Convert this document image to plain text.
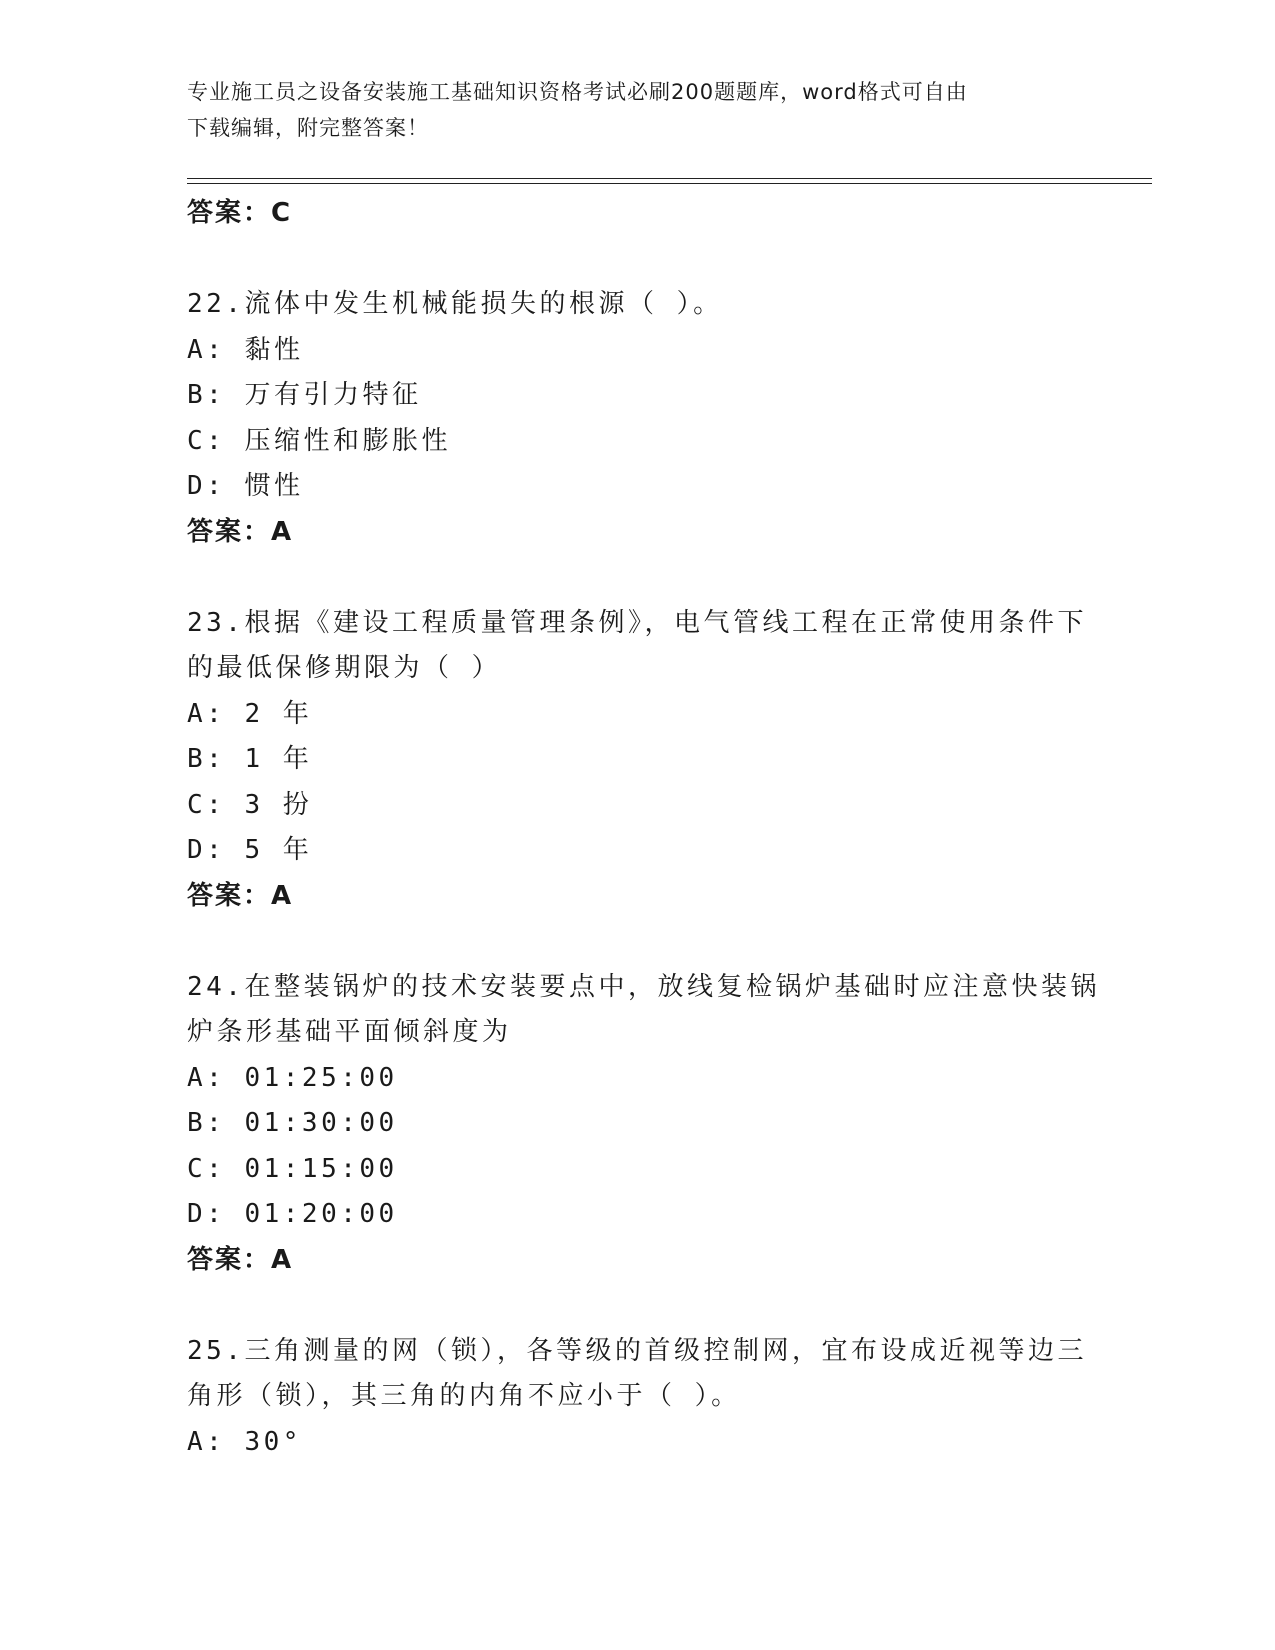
专业施工员之设备安装施工基础知识资格考试必刷200题题库，word格式可自由
下载编辑，附完整答案！
答案：C
22.流体中发生机械能损失的根源（ ）。
A: 黏性
B: 万有引力特征
C: 压缩性和膨胀性
D: 惯性
答案：A
23.根据《建设工程质量管理条例》，电气管线工程在正常使用条件下
的最低保修期限为（ ）
A: 2 年
B: 1 年
C: 3 扮
D: 5 年
答案：A
24.在整装锅炉的技术安装要点中，放线复检锅炉基础时应注意快装锅
炉条形基础平面倾斜度为
A: 01:25:00
B: 01:30:00
C: 01:15:00
D: 01:20:00
答案：A
25.三角测量的网（锁），各等级的首级控制网，宜布设成近视等边三
角形（锁），其三角的内角不应小于（ ）。
A: 30°
